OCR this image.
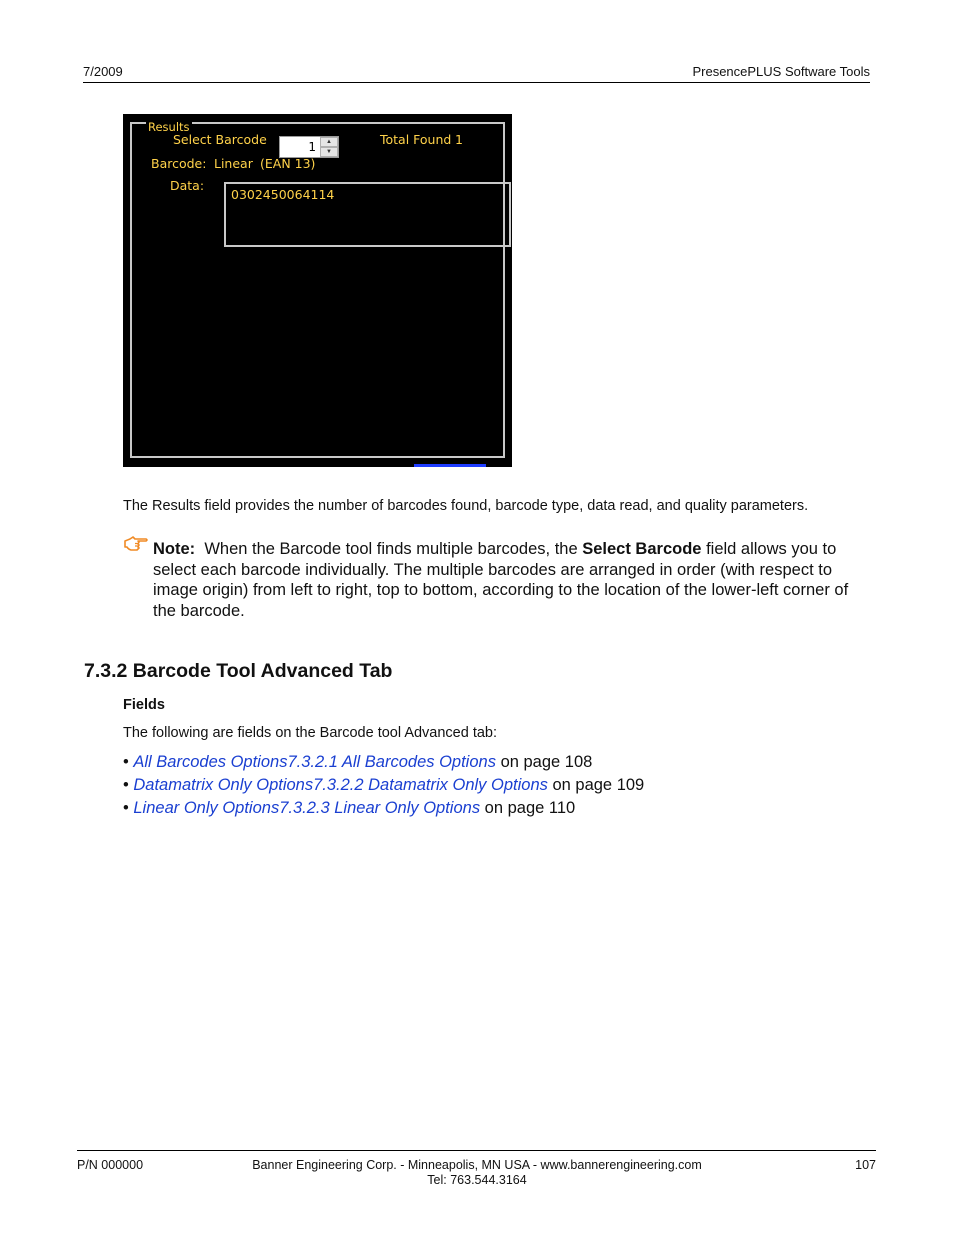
7/2009	PresencePLUS Software Tools
Results
Select Barcode	1	▲
▼
Total Found 1
Barcode: Linear (EAN 13)
Data:
0302450064114
The Results field provides the number of barcodes found, barcode type, data read, and quality parameters.
Note: When the Barcode tool finds multiple barcodes, the Select Barcode field allows you to select each barcode individually. The multiple barcodes are arranged in order (with respect to image origin) from left to right, top to bottom, according to the location of the lower-left corner of the barcode.
7.3.2 Barcode Tool Advanced Tab
Fields
The following are fields on the Barcode tool Advanced tab:
• All Barcodes Options7.3.2.1 All Barcodes Options on page 108
• Datamatrix Only Options7.3.2.2 Datamatrix Only Options on page 109
• Linear Only Options7.3.2.3 Linear Only Options on page 110
P/N 000000	Banner Engineering Corp. - Minneapolis, MN USA - www.bannerengineering.com
Tel: 763.544.3164
107
